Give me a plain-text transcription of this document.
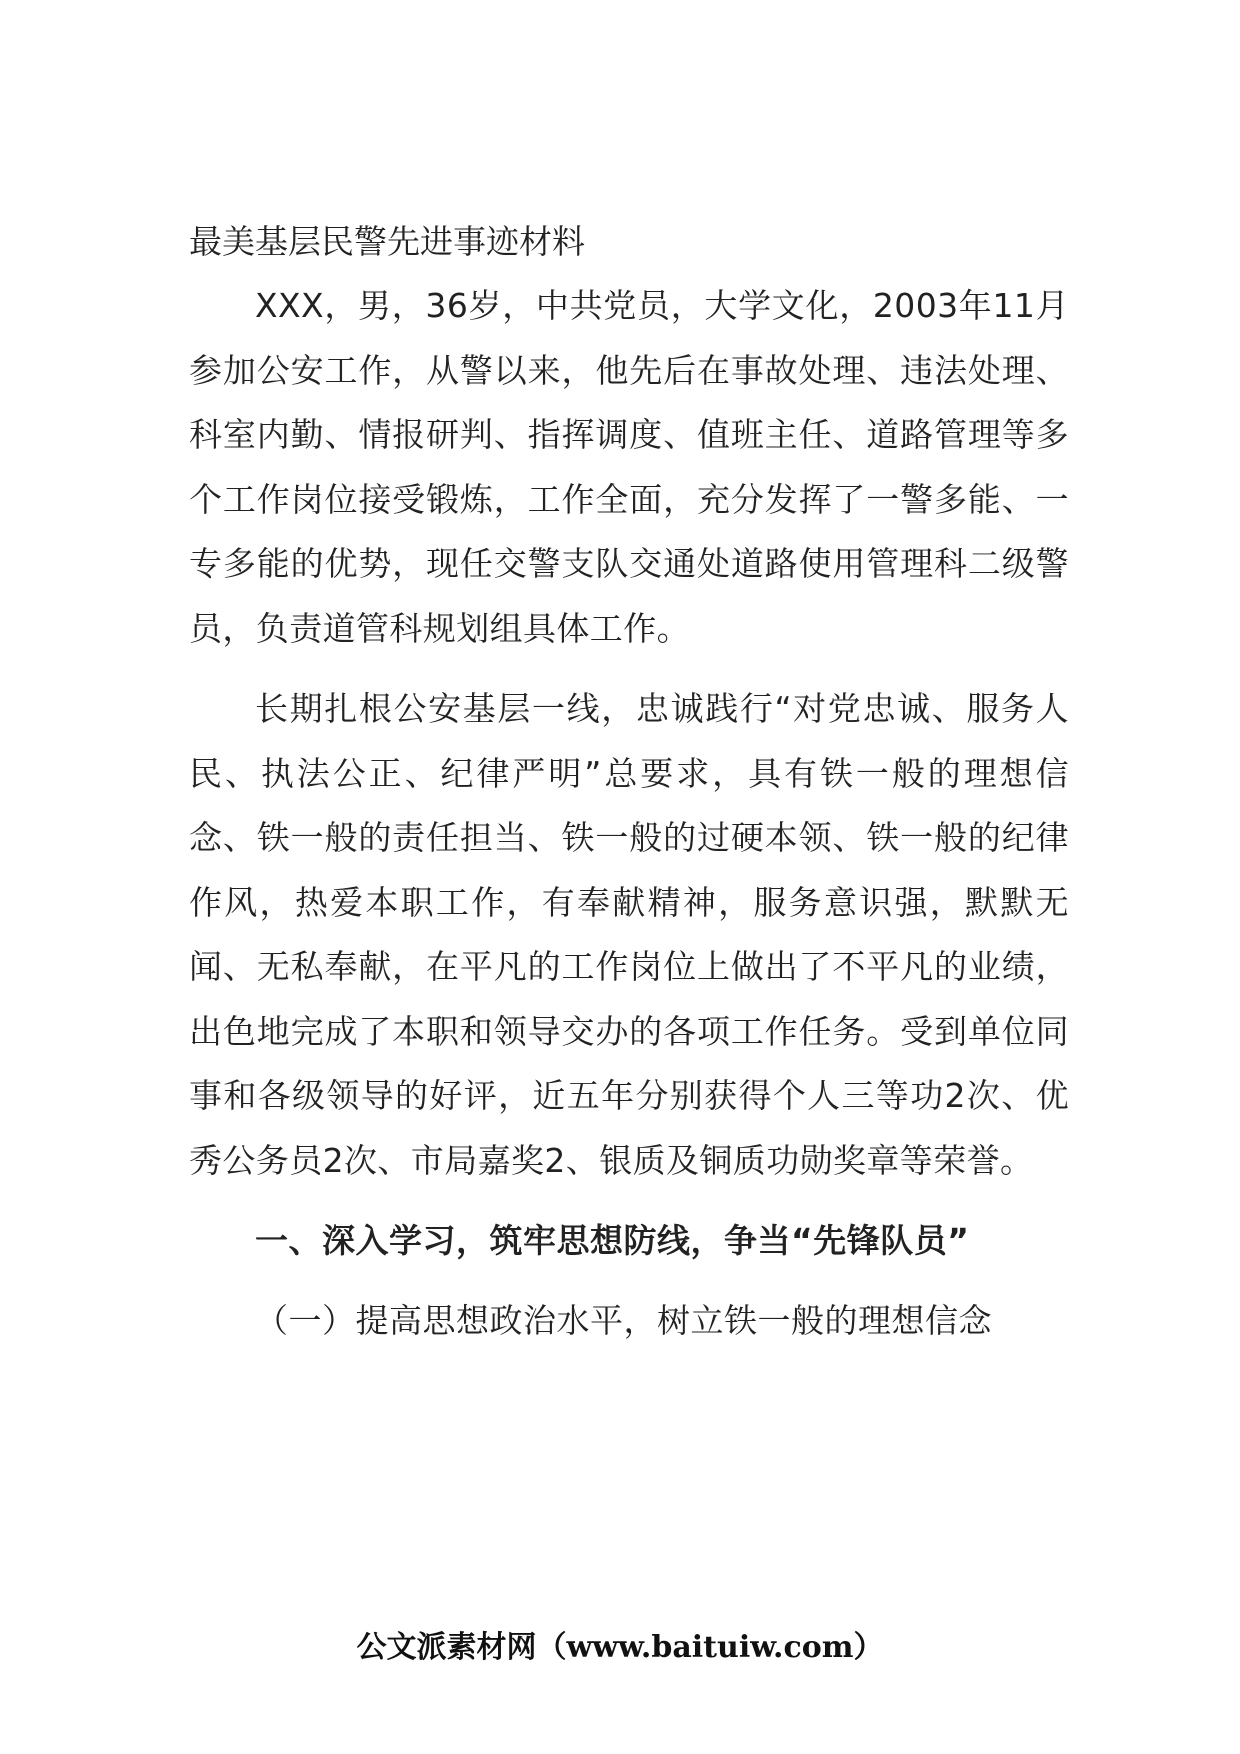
最美基层民警先进事迹材料

XXX，男，36岁，中共党员，大学文化，2003年11月参加公安工作，从警以来，他先后在事故处理、违法处理、科室内勤、情报研判、指挥调度、值班主任、道路管理等多个工作岗位接受锻炼，工作全面，充分发挥了一警多能、一专多能的优势，现任交警支队交通处道路使用管理科二级警员，负责道管科规划组具体工作。

长期扎根公安基层一线，忠诚践行“对党忠诚、服务人民、执法公正、纪律严明”总要求，具有铁一般的理想信念、铁一般的责任担当、铁一般的过硬本领、铁一般的纪律作风，热爱本职工作，有奉献精神，服务意识强，默默无闻、无私奉献，在平凡的工作岗位上做出了不平凡的业绩，出色地完成了本职和领导交办的各项工作任务。受到单位同事和各级领导的好评，近五年分别获得个人三等功2次、优秀公务员2次、市局嘉奖2、银质及铜质功勋奖章等荣誉。

一、深入学习，筑牢思想防线，争当“先锋队员”

（一）提高思想政治水平，树立铁一般的理想信念

公文派素材网（www.baituiw.com）
